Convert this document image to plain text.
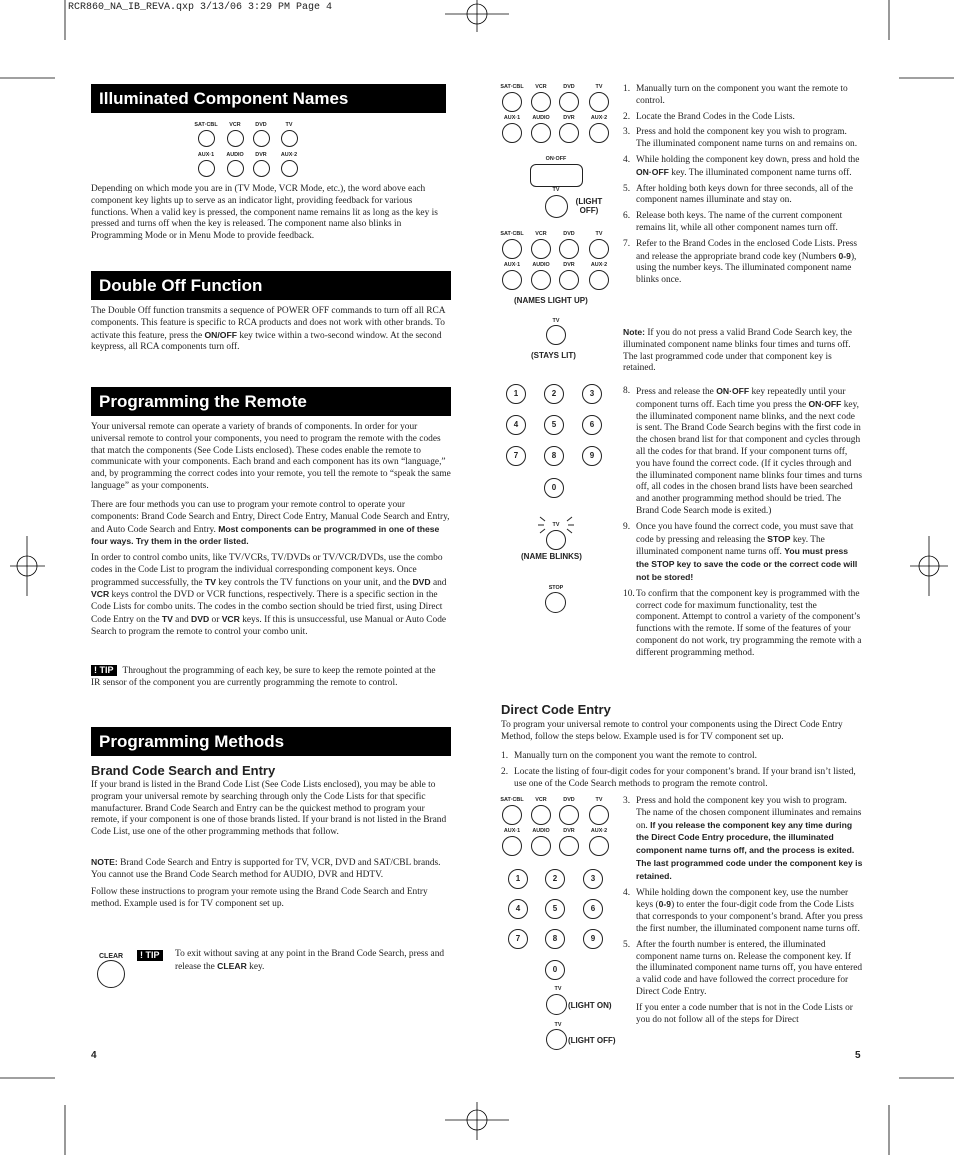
RCR860_NA_IB_REVA.qxp 3/13/06 3:29 PM Page 4
Illuminated Component Names
SAT·CBL	VCR	DVD	TV
AUX·1	AUDIO	DVR	AUX·2

Depending on which mode you are in (TV Mode, VCR Mode, etc.), the word above each component key lights up to serve as an indicator light, providing feedback for various functions. When a valid key is pressed, the component name remains lit as long as the key is pressed and turns off when the key is released. The component name also blinks in Programming Mode or in Menu Mode to provide feedback.

Double Off Function

The Double Off function transmits a sequence of POWER OFF commands to turn off all RCA components. This feature is specific to RCA products and does not work with other brands. To activate this feature, press the ON/OFF key twice within a two-second window. At the second keypress, all RCA components turn off.

Programming the Remote

Your universal remote can operate a variety of brands of components. In order for your universal remote to control your components, you need to program the remote with the codes that match the components (See Code Lists enclosed). These codes enable the remote to communicate with your components. Each brand and each component has its own “language,” and, by programming the correct codes into your remote, you tell the remote to “speak the same language” as your components.

There are four methods you can use to program your remote control to operate your components: Brand Code Search and Entry, Direct Code Entry, Manual Code Search and Entry, and Auto Code Search and Entry. Most components can be programmed in one of these four ways. Try them in the order listed.

In order to control combo units, like TV/VCRs, TV/DVDs or TV/VCR/DVDs, use the combo codes in the Code List to program the individual corresponding component keys. Once programmed successfully, the TV key controls the TV functions on your unit, and the DVD and VCR keys control the DVD or VCR functions, respectively. There is a specific section in the Code Lists for combo units. The codes in the combo section should be tried first, using Direct Code Entry on the TV and DVD or VCR keys. If this is unsuccessful, use Manual or Auto Code Search to program the remote to control your combo unit.

! TIP Throughout the programming of each key, be sure to keep the remote pointed at the IR sensor of the component you are currently programming the remote to control.

Programming Methods
Brand Code Search and Entry

If your brand is listed in the Brand Code List (See Code Lists enclosed), you may be able to program your universal remote by searching through only the Code Lists for that specific manufacturer. Brand Code Search and Entry can be the quickest method to program your remote, if your component is one of those brands listed. If your brand is not listed in the Brand Code List, use one of the other programming methods that follow.

NOTE: Brand Code Search and Entry is supported for TV, VCR, DVD and SAT/CBL brands. You cannot use the Brand Code Search method for AUDIO, DVR and HDTV.

Follow these instructions to program your remote using the Brand Code Search and Entry method. Example used is for TV component set up.

CLEAR	! TIP	To exit without saving at any point in the Brand Code Search, press and release the CLEAR key.

4
SAT·CBL	VCR	DVD	TV
AUX·1	AUDIO	DVR	AUX·2
ON·OFF
TV
(LIGHT OFF)
SAT·CBL	VCR	DVD	TV
AUX·1	AUDIO	DVR	AUX·2
(NAMES LIGHT UP)
TV
(STAYS LIT)
1	2	3
4	5	6
7	8	9
0
TV
(NAME BLINKS)
STOP
1. Manually turn on the component you want the remote to control.
2. Locate the Brand Codes in the Code Lists.
3. Press and hold the component key you wish to program. The illuminated component name turns on and remains on.
4. While holding the component key down, press and hold the ON·OFF key. The illuminated component name turns off.
5. After holding both keys down for three seconds, all of the component names illuminate and stay on.
6. Release both keys. The name of the current component remains lit, while all other component names turn off.
7. Refer to the Brand Codes in the enclosed Code Lists. Press and release the appropriate brand code key (Numbers 0-9), using the number keys. The illuminated component name blinks once.

Note: If you do not press a valid Brand Code Search key, the illuminated component name blinks four times and turns off. The last programmed code under that component key is retained.

8. Press and release the ON·OFF key repeatedly until your component turns off. Each time you press the ON·OFF key, the illuminated component name blinks, and the next code is sent. The Brand Code Search begins with the first code in the chosen brand list for that component and cycles through all the codes for that brand. If your component turns off, you have found the correct code. (If it cycles through and the illuminated component name blinks four times and turns off, all codes in the chosen brand lists have been searched and another programming method should be tried. The Brand Code Search mode is exited.)
9. Once you have found the correct code, you must save that code by pressing and releasing the STOP key. The illuminated component name turns off. You must press the STOP key to save the code or the correct code will not be stored!
10. To confirm that the component key is programmed with the correct code for maximum functionality, test the component. Attempt to control a variety of the component’s functions with the remote. If some of the features of your component do not work, try programming the remote with a different programming method.
Direct Code Entry

To program your universal remote to control your components using the Direct Code Entry Method, follow the steps below. Example used is for TV component set up.

1. Manually turn on the component you want the remote to control.
2. Locate the listing of four-digit codes for your component’s brand. If your brand isn’t listed, use one of the Code Search methods to program the remote control.
SAT·CBL	VCR	DVD	TV
AUX·1	AUDIO	DVR	AUX·2
1	2	3
4	5	6
7	8	9
0
TV
(LIGHT ON)
TV
(LIGHT OFF)
3. Press and hold the component key you wish to program. The name of the chosen component illuminates and remains on. If you release the component key any time during the Direct Code Entry procedure, the illuminated component name turns off, and the process is exited. The last programmed code under the component key is retained.
4. While holding down the component key, use the number keys (0-9) to enter the four-digit code from the Code Lists that corresponds to your component’s brand. After you press the first number, the illuminated component name turns off.
5. After the fourth number is entered, the illuminated component name turns on. Release the component key. If the illuminated component name turns off, you have entered a valid code and have followed the correct procedure for Direct Code Entry.
If you enter a code number that is not in the Code Lists or you do not follow all of the steps for Direct
5
